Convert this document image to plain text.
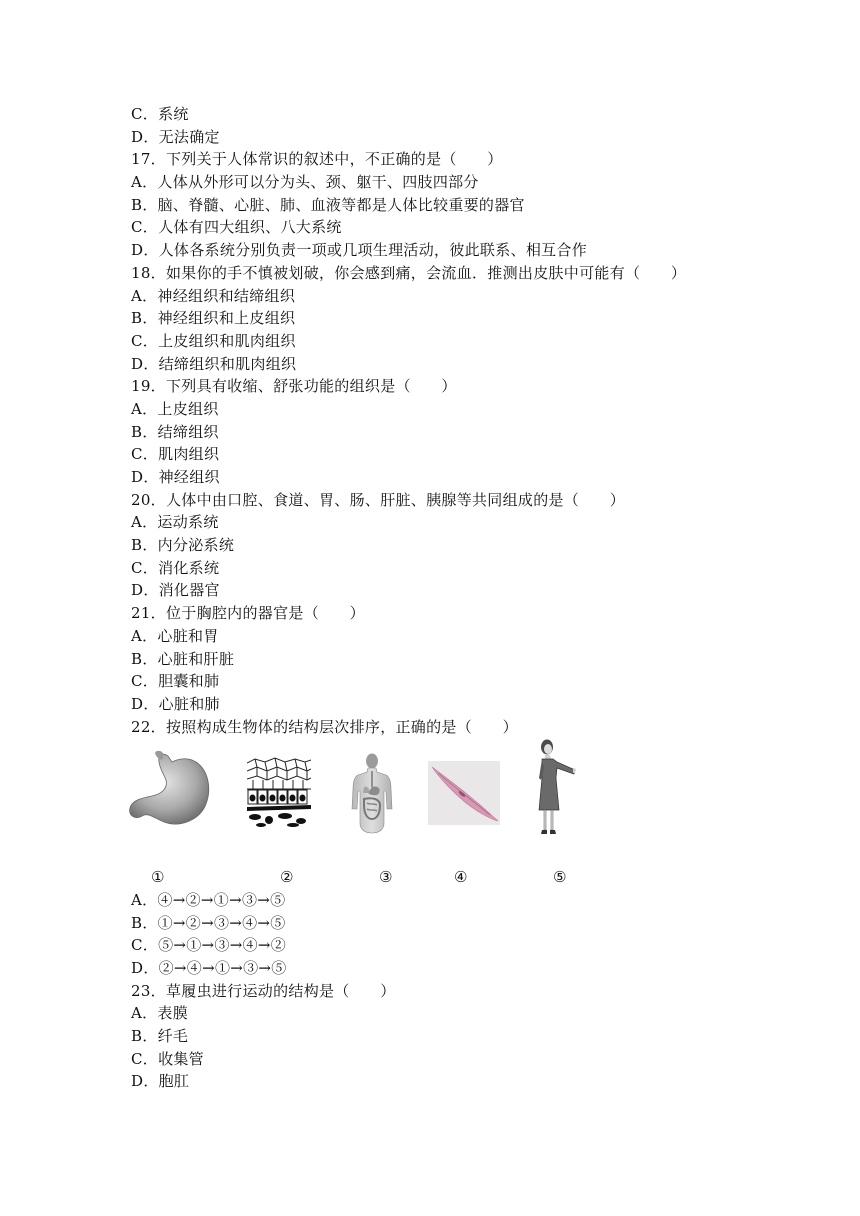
C．系统
D．无法确定
17．下列关于人体常识的叙述中，不正确的是（　　）
A．人体从外形可以分为头、颈、躯干、四肢四部分
B．脑、脊髓、心脏、肺、血液等都是人体比较重要的器官
C．人体有四大组织、八大系统
D．人体各系统分别负责一项或几项生理活动，彼此联系、相互合作
18．如果你的手不慎被划破，你会感到痛，会流血．推测出皮肤中可能有（　　）
A．神经组织和结缔组织
B．神经组织和上皮组织
C．上皮组织和肌肉组织
D．结缔组织和肌肉组织
19．下列具有收缩、舒张功能的组织是（　　）
A．上皮组织
B．结缔组织
C．肌肉组织
D．神经组织
20．人体中由口腔、食道、胃、肠、肝脏、胰腺等共同组成的是（　　）
A．运动系统
B．内分泌系统
C．消化系统
D．消化器官
21．位于胸腔内的器官是（　　）
A．心脏和胃
B．心脏和肝脏
C．胆囊和肺
D．心脏和肺
22．按照构成生物体的结构层次排序，正确的是（　　）
①	②	③	④	⑤
A．④→②→①→③→⑤
B．①→②→③→④→⑤
C．⑤→①→③→④→②
D．②→④→①→③→⑤
23．草履虫进行运动的结构是（　　）
A．表膜
B．纤毛
C．收集管
D．胞肛
